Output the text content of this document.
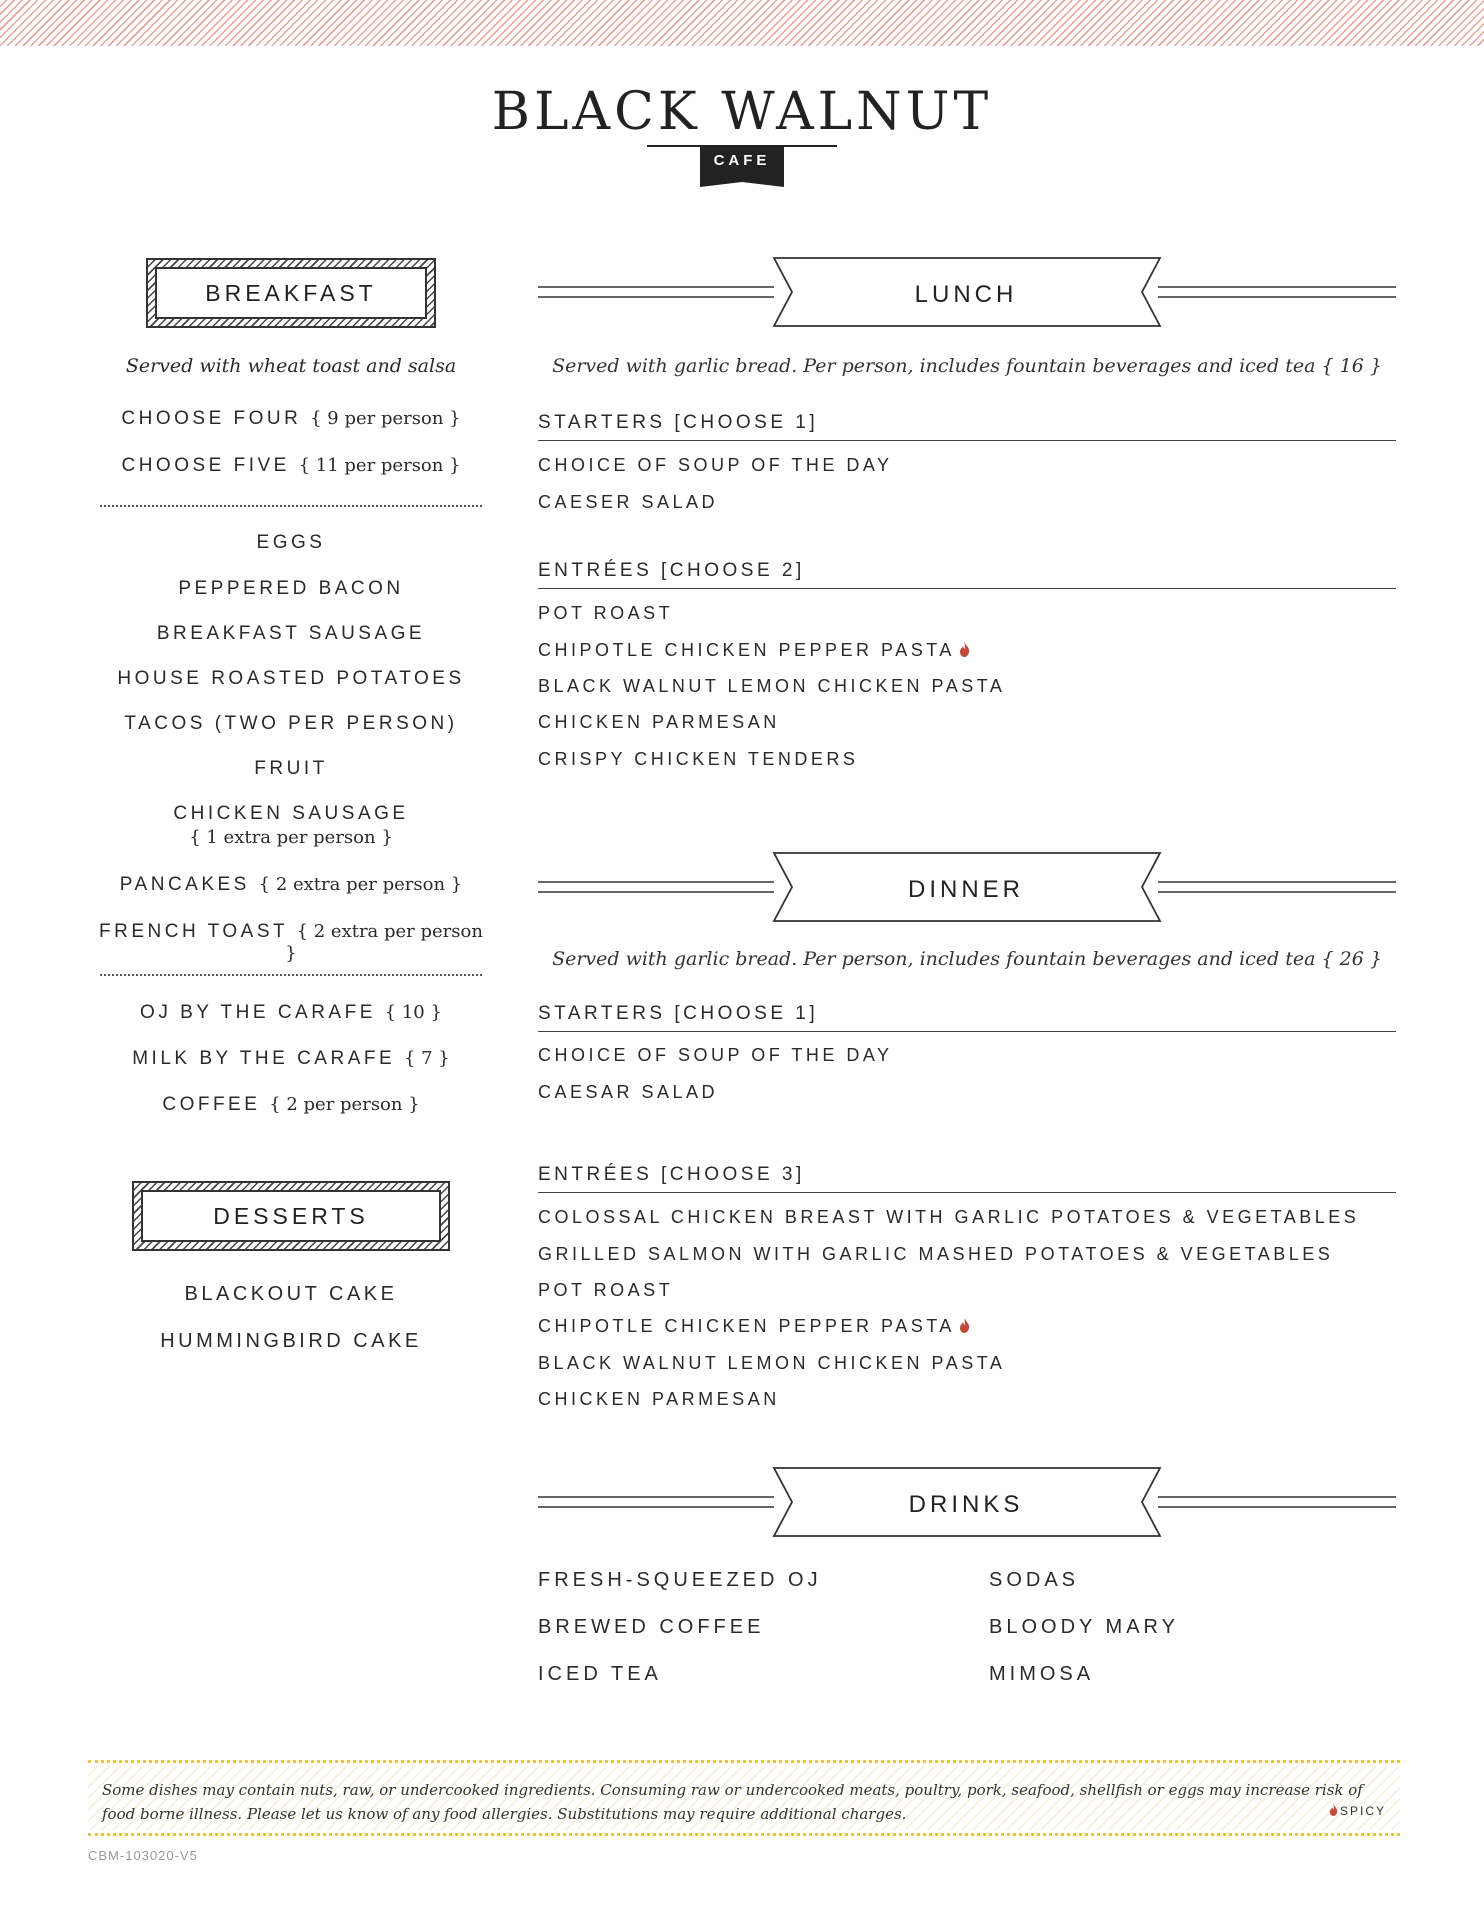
BLACK WALNUT
CAFE
BREAKFAST
Served with wheat toast and salsa
CHOOSE FOUR { 9 per person }
CHOOSE FIVE { 11 per person }
EGGS
PEPPERED BACON
BREAKFAST SAUSAGE
HOUSE ROASTED POTATOES
TACOS (TWO PER PERSON)
FRUIT
CHICKEN SAUSAGE
{ 1 extra per person }
PANCAKES { 2 extra per person }
FRENCH TOAST { 2 extra per person }
OJ BY THE CARAFE { 10 }
MILK BY THE CARAFE { 7 }
COFFEE { 2 per person }
DESSERTS
BLACKOUT CAKE
HUMMINGBIRD CAKE
LUNCH
Served with garlic bread. Per person, includes fountain beverages and iced tea { 16 }
STARTERS [CHOOSE 1]
CHOICE OF SOUP OF THE DAY
CAESER SALAD
ENTRÉES [CHOOSE 2]
POT ROAST
CHIPOTLE CHICKEN PEPPER PASTA
BLACK WALNUT LEMON CHICKEN PASTA
CHICKEN PARMESAN
CRISPY CHICKEN TENDERS
DINNER
Served with garlic bread. Per person, includes fountain beverages and iced tea { 26 }
STARTERS [CHOOSE 1]
CHOICE OF SOUP OF THE DAY
CAESAR SALAD
ENTRÉES [CHOOSE 3]
COLOSSAL CHICKEN BREAST WITH GARLIC POTATOES & VEGETABLES
GRILLED SALMON WITH GARLIC MASHED POTATOES & VEGETABLES
POT ROAST
CHIPOTLE CHICKEN PEPPER PASTA
BLACK WALNUT LEMON CHICKEN PASTA
CHICKEN PARMESAN
DRINKS
FRESH-SQUEEZED OJ
BREWED COFFEE
ICED TEA
SODAS
BLOODY MARY
MIMOSA
Some dishes may contain nuts, raw, or undercooked ingredients. Consuming raw or undercooked meats, poultry, pork, seafood, shellfish or eggs may increase risk of food borne illness. Please let us know of any food allergies. Substitutions may require additional charges.	SPICY
CBM-103020-V5
